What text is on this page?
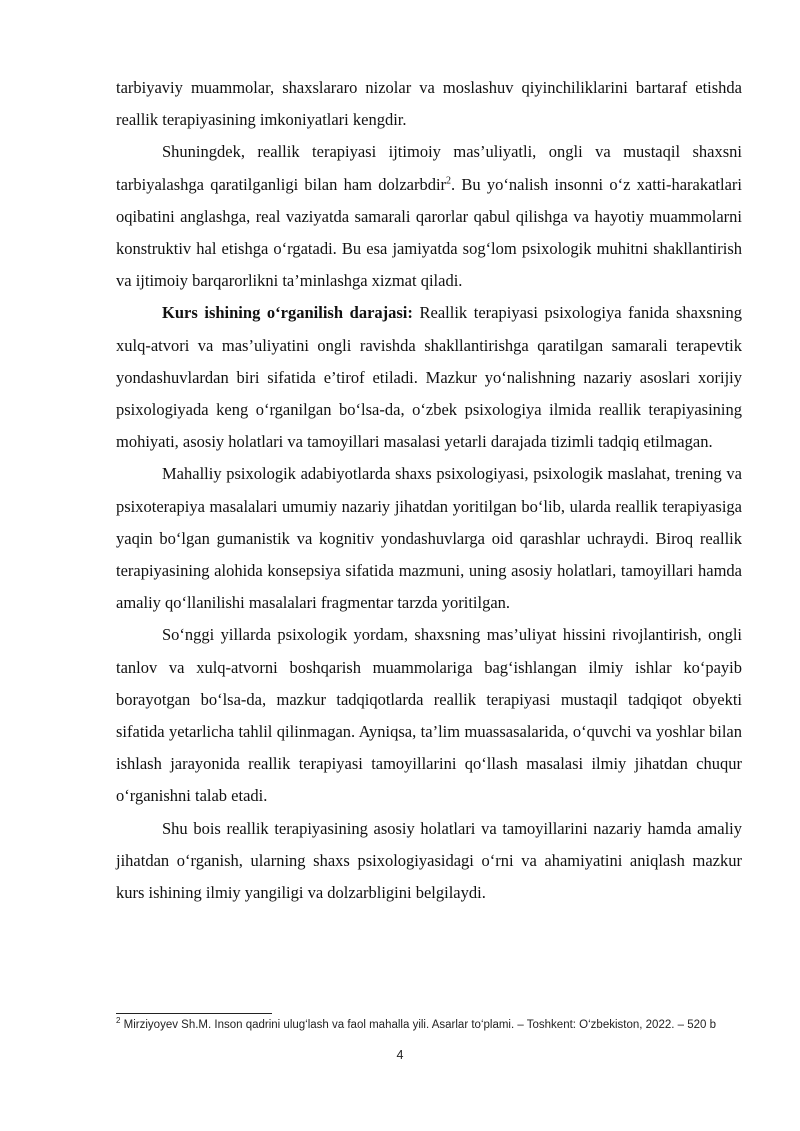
tarbiyaviy muammolar, shaxslararo nizolar va moslashuv qiyinchiliklarini bartaraf etishda reallik terapiyasining imkoniyatlari kengdir.

Shuningdek, reallik terapiyasi ijtimoiy mas’uliyatli, ongli va mustaqil shaxsni tarbiyalashga qaratilganligi bilan ham dolzarbdir$^2$. Bu yo‘nalish insonni o‘z xatti-harakatlari oqibatini anglashga, real vaziyatda samarali qarorlar qabul qilishga va hayotiy muammolarni konstruktiv hal etishga o‘rgatadi. Bu esa jamiyatda sog‘lom psixologik muhitni shakllantirish va ijtimoiy barqarorlikni ta’minlashga xizmat qiladi.

Kurs ishining o‘rganilish darajasi: Reallik terapiyasi psixologiya fanida shaxsning xulq-atvori va mas’uliyatini ongli ravishda shakllantirishga qaratilgan samarali terapevtik yondashuvlardan biri sifatida e’tirof etiladi. Mazkur yo‘nalishning nazariy asoslari xorijiy psixologiyada keng o‘rganilgan bo‘lsa-da, o‘zbek psixologiya ilmida reallik terapiyasining mohiyati, asosiy holatlari va tamoyillari masalasi yetarli darajada tizimli tadqiq etilmagan.

Mahalliy psixologik adabiyotlarda shaxs psixologiyasi, psixologik maslahat, trening va psixoterapiya masalalari umumiy nazariy jihatdan yoritilgan bo‘lib, ularda reallik terapiyasiga yaqin bo‘lgan gumanistik va kognitiv yondashuvlarga oid qarashlar uchraydi. Biroq reallik terapiyasining alohida konsepsiya sifatida mazmuni, uning asosiy holatlari, tamoyillari hamda amaliy qo‘llanilishi masalalari fragmentar tarzda yoritilgan.

So‘nggi yillarda psixologik yordam, shaxsning mas’uliyat hissini rivojlantirish, ongli tanlov va xulq-atvorni boshqarish muammolariga bag‘ishlangan ilmiy ishlar ko‘payib borayotgan bo‘lsa-da, mazkur tadqiqotlarda reallik terapiyasi mustaqil tadqiqot obyekti sifatida yetarlicha tahlil qilinmagan. Ayniqsa, ta’lim muassasalarida, o‘quvchi va yoshlar bilan ishlash jarayonida reallik terapiyasi tamoyillarini qo‘llash masalasi ilmiy jihatdan chuqur o‘rganishni talab etadi.

Shu bois reallik terapiyasining asosiy holatlari va tamoyillarini nazariy hamda amaliy jihatdan o‘rganish, ularning shaxs psixologiyasidagi o‘rni va ahamiyatini aniqlash mazkur kurs ishining ilmiy yangiligi va dolzarbligini belgilaydi.

$^2$ Mirziyoyev Sh.M. Inson qadrini ulug‘lash va faol mahalla yili. Asarlar to‘plami. – Toshkent: O‘zbekiston, 2022. – 520 b
4
